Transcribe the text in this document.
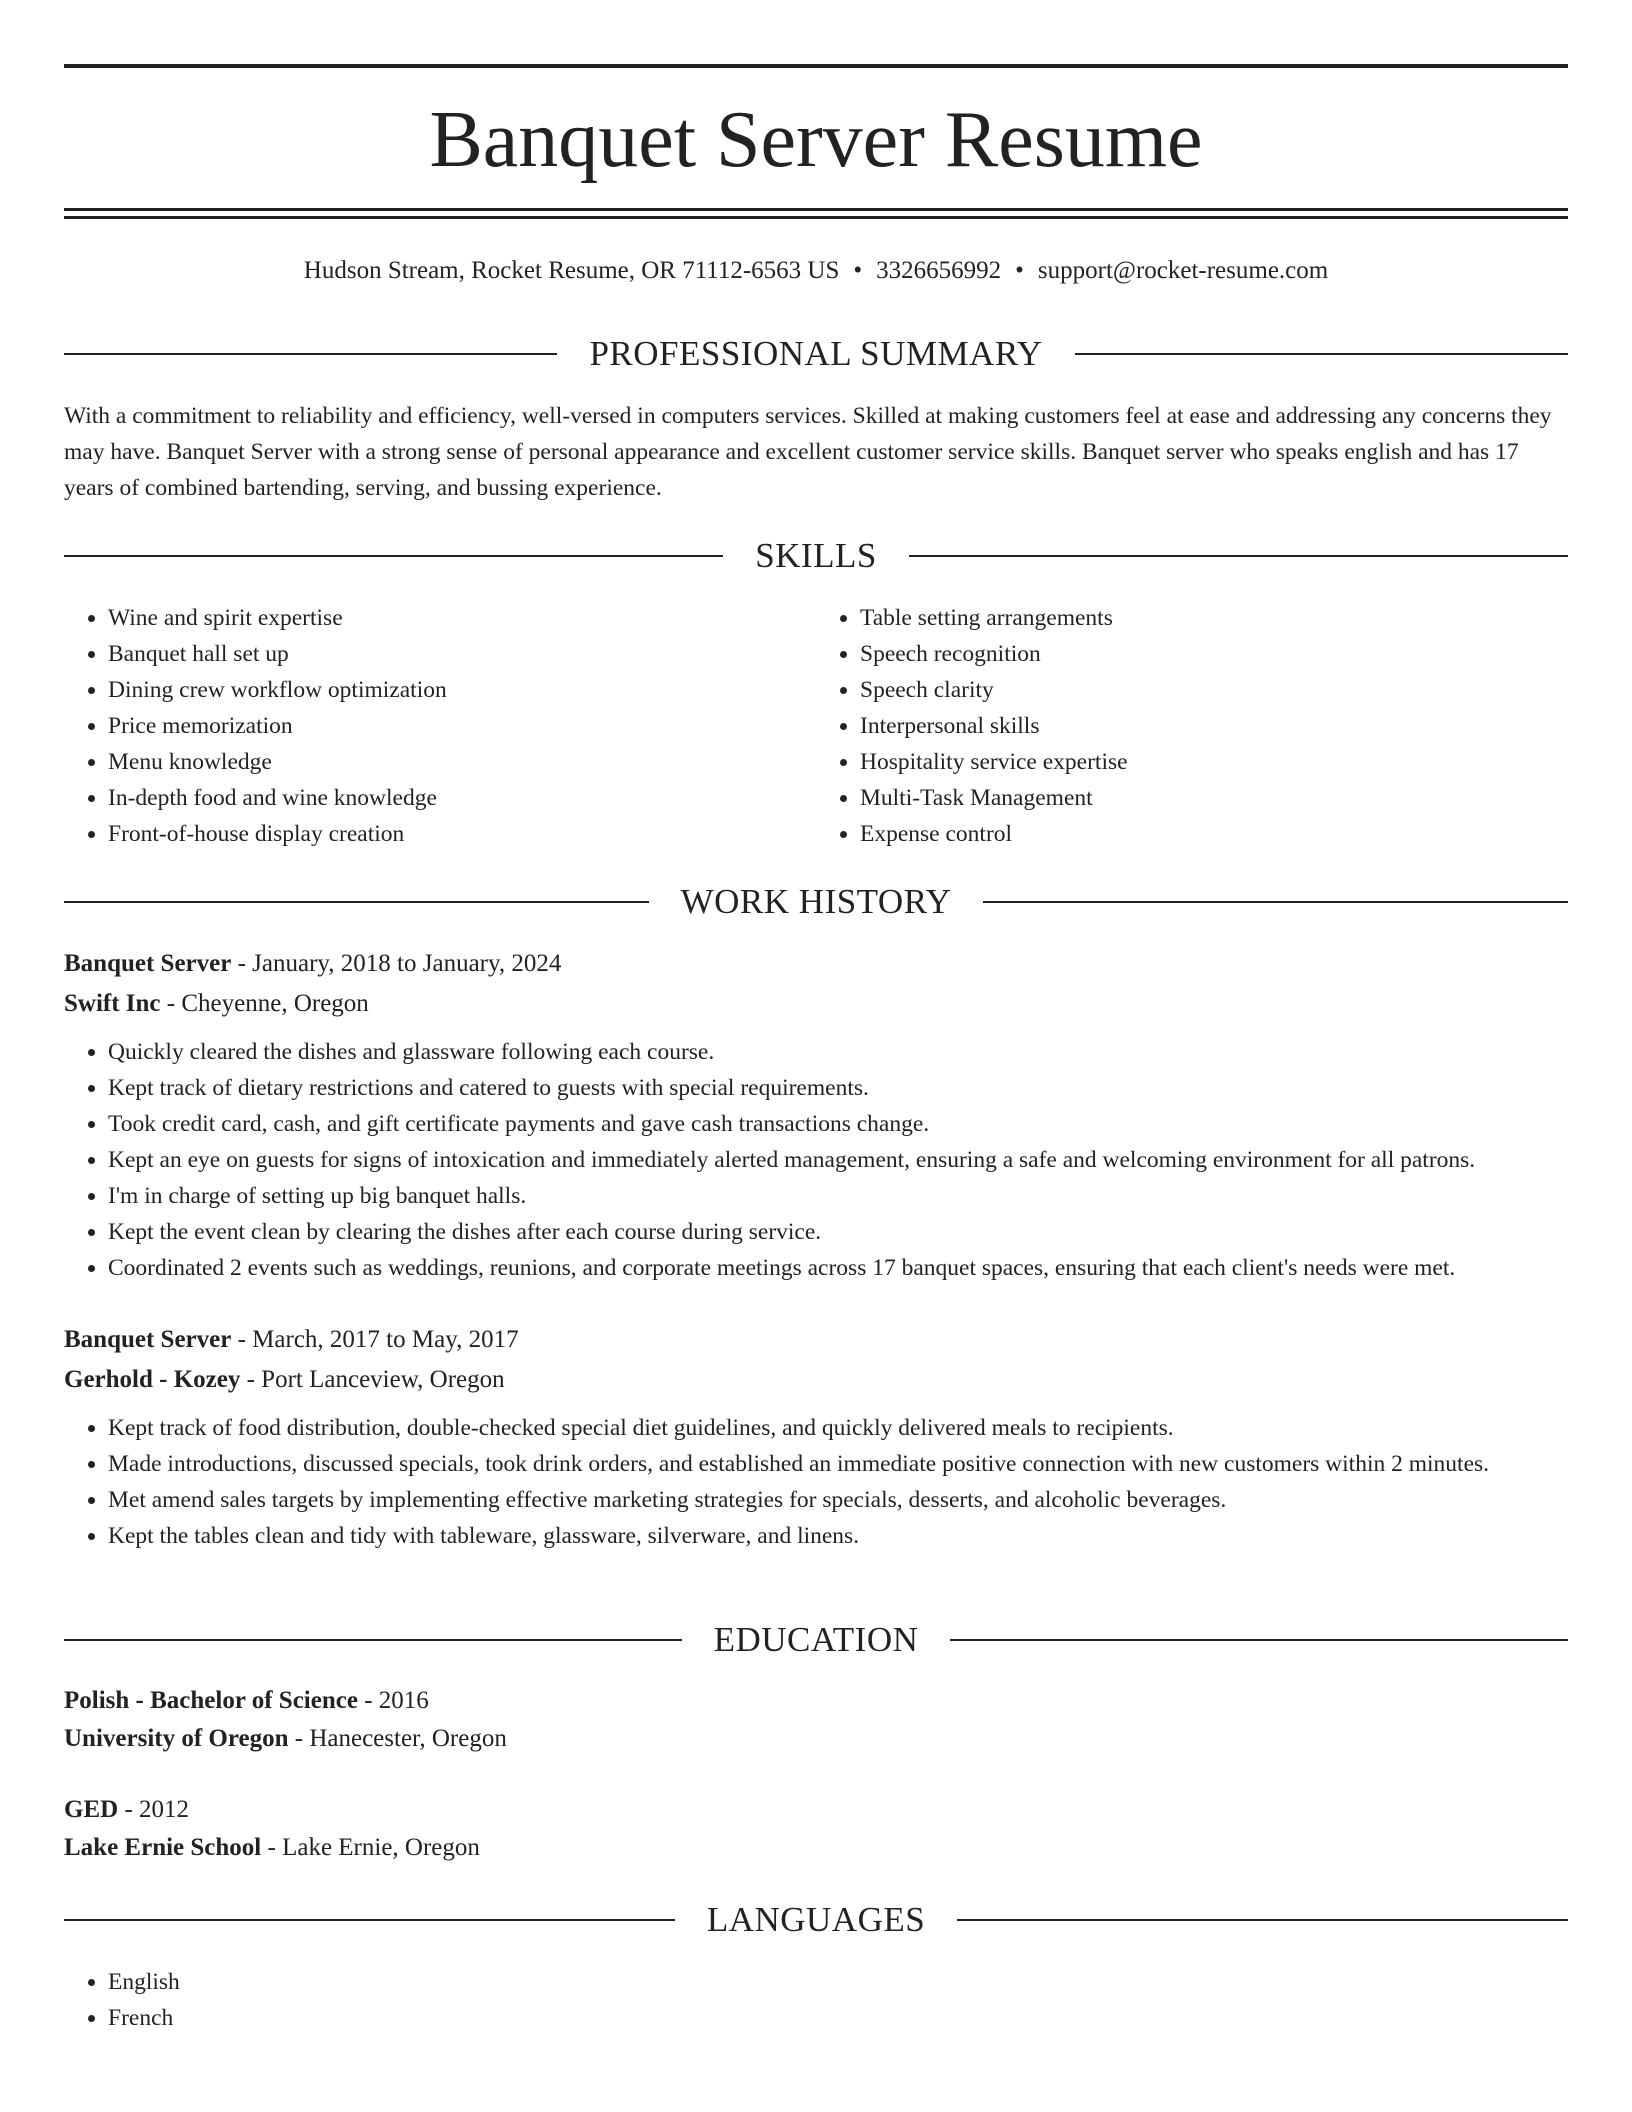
Banquet Server Resume
Hudson Stream, Rocket Resume, OR 71112-6563 US • 3326656992 • support@rocket-resume.com
PROFESSIONAL SUMMARY

With a commitment to reliability and efficiency, well-versed in computers services. Skilled at making customers feel at ease and addressing any concerns they may have. Banquet Server with a strong sense of personal appearance and excellent customer service skills. Banquet server who speaks english and has 17 years of combined bartending, serving, and bussing experience.

SKILLS
• Wine and spirit expertise
• Banquet hall set up
• Dining crew workflow optimization
• Price memorization
• Menu knowledge
• In-depth food and wine knowledge
• Front-of-house display creation
• Table setting arrangements
• Speech recognition
• Speech clarity
• Interpersonal skills
• Hospitality service expertise
• Multi-Task Management
• Expense control
WORK HISTORY
Banquet Server - January, 2018 to January, 2024
Swift Inc - Cheyenne, Oregon
• Quickly cleared the dishes and glassware following each course.
• Kept track of dietary restrictions and catered to guests with special requirements.
• Took credit card, cash, and gift certificate payments and gave cash transactions change.
• Kept an eye on guests for signs of intoxication and immediately alerted management, ensuring a safe and welcoming environment for all patrons.
• I'm in charge of setting up big banquet halls.
• Kept the event clean by clearing the dishes after each course during service.
• Coordinated 2 events such as weddings, reunions, and corporate meetings across 17 banquet spaces, ensuring that each client's needs were met.
Banquet Server - March, 2017 to May, 2017
Gerhold - Kozey - Port Lanceview, Oregon
• Kept track of food distribution, double-checked special diet guidelines, and quickly delivered meals to recipients.
• Made introductions, discussed specials, took drink orders, and established an immediate positive connection with new customers within 2 minutes.
• Met amend sales targets by implementing effective marketing strategies for specials, desserts, and alcoholic beverages.
• Kept the tables clean and tidy with tableware, glassware, silverware, and linens.
EDUCATION
Polish - Bachelor of Science - 2016
University of Oregon - Hanecester, Oregon
GED - 2012
Lake Ernie School - Lake Ernie, Oregon
LANGUAGES
• English
• French
